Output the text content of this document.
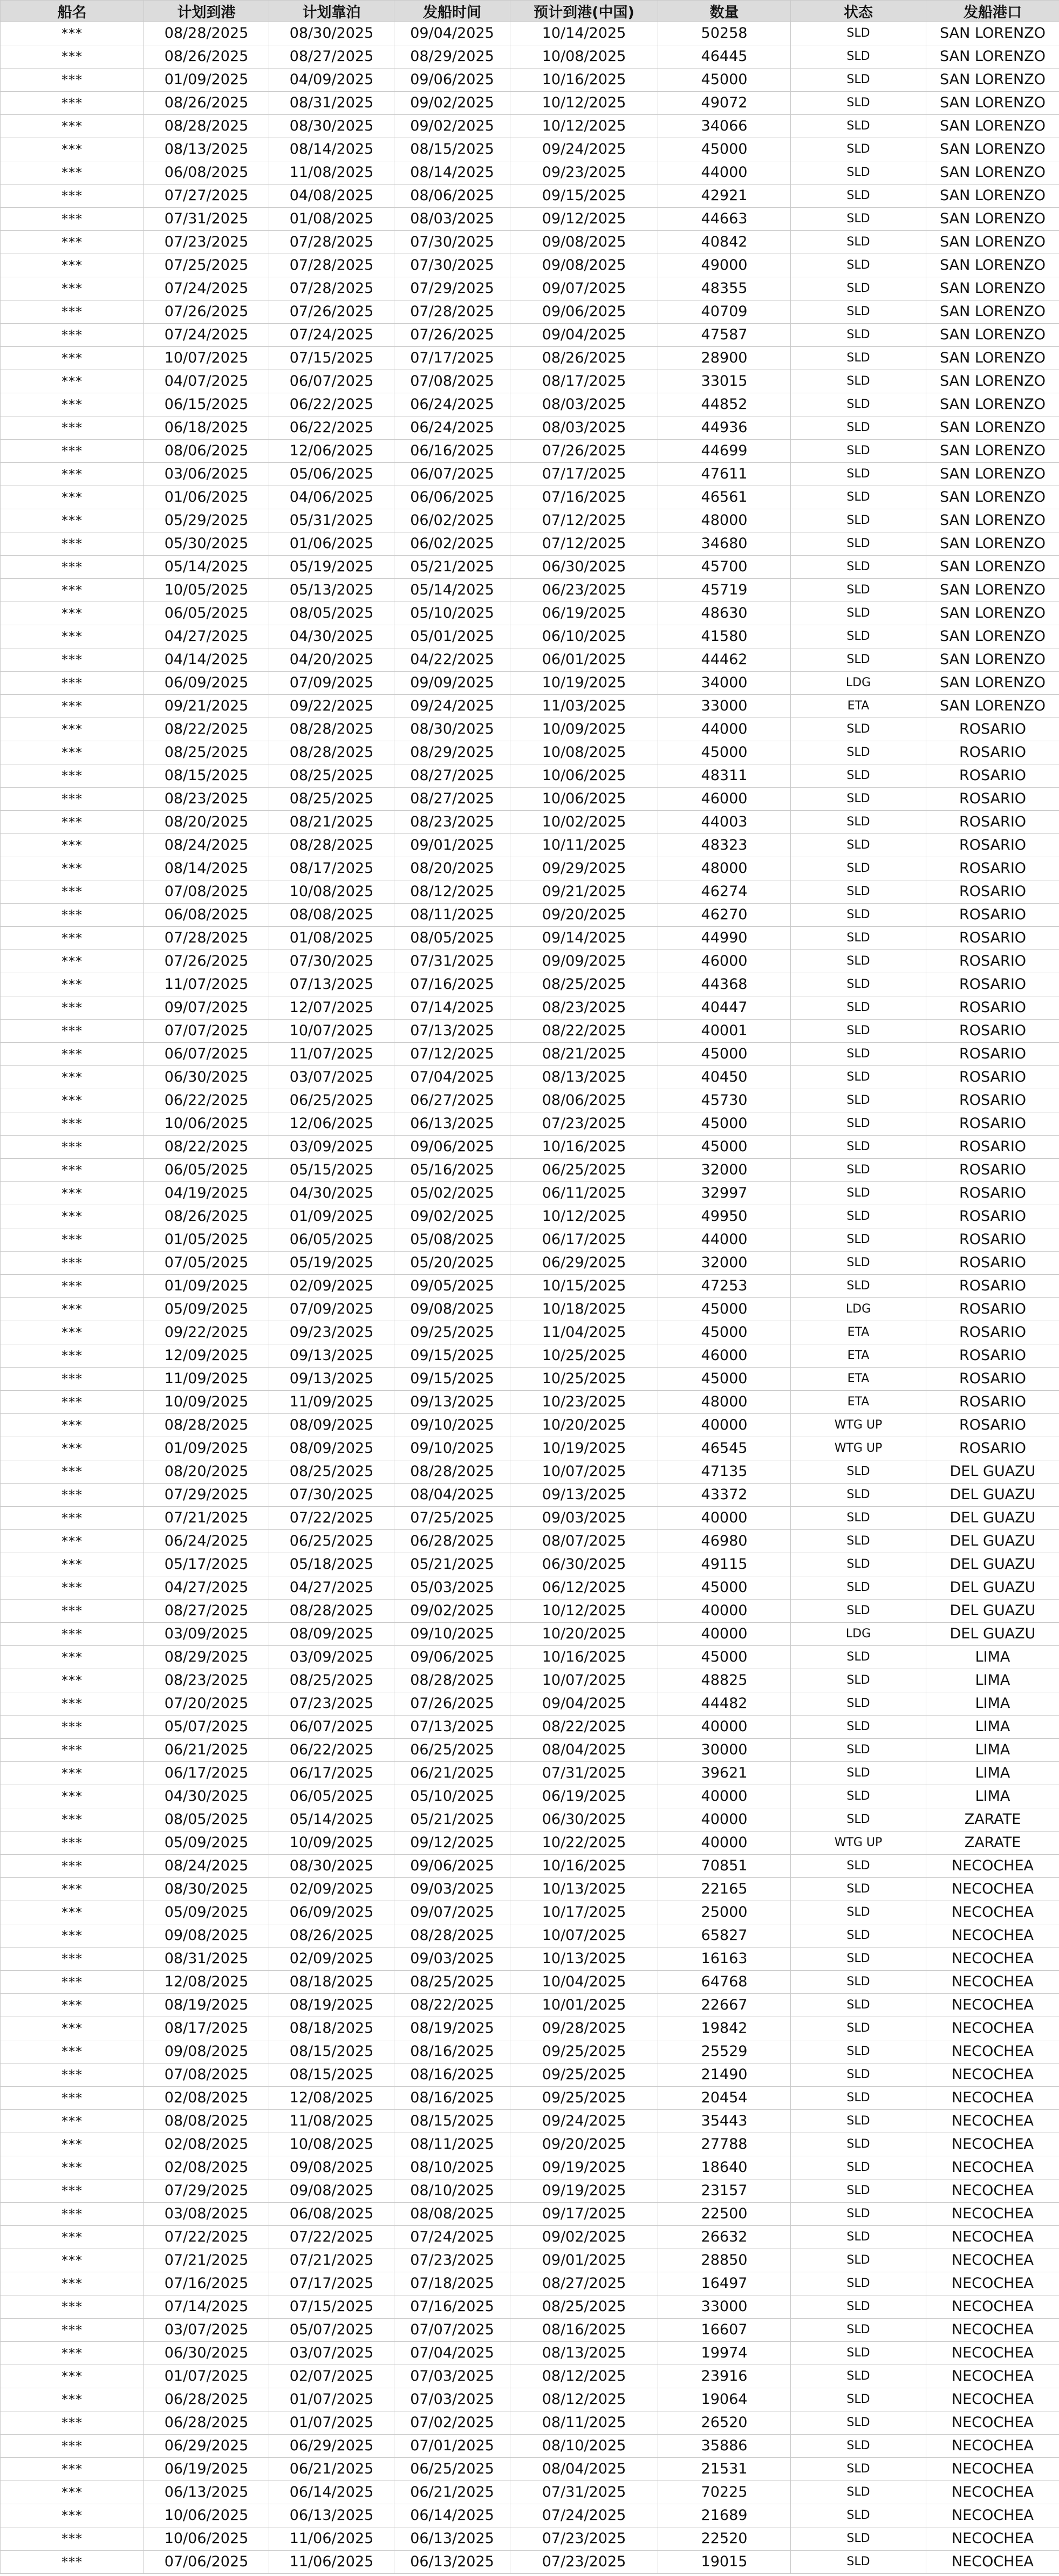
船名	计划到港	计划靠泊	发船时间	预计到港(中国)	数量	状态	发船港口
***	08/28/2025	08/30/2025	09/04/2025	10/14/2025	50258	SLD	SAN LORENZO
***	08/26/2025	08/27/2025	08/29/2025	10/08/2025	46445	SLD	SAN LORENZO
***	01/09/2025	04/09/2025	09/06/2025	10/16/2025	45000	SLD	SAN LORENZO
***	08/26/2025	08/31/2025	09/02/2025	10/12/2025	49072	SLD	SAN LORENZO
***	08/28/2025	08/30/2025	09/02/2025	10/12/2025	34066	SLD	SAN LORENZO
***	08/13/2025	08/14/2025	08/15/2025	09/24/2025	45000	SLD	SAN LORENZO
***	06/08/2025	11/08/2025	08/14/2025	09/23/2025	44000	SLD	SAN LORENZO
***	07/27/2025	04/08/2025	08/06/2025	09/15/2025	42921	SLD	SAN LORENZO
***	07/31/2025	01/08/2025	08/03/2025	09/12/2025	44663	SLD	SAN LORENZO
***	07/23/2025	07/28/2025	07/30/2025	09/08/2025	40842	SLD	SAN LORENZO
***	07/25/2025	07/28/2025	07/30/2025	09/08/2025	49000	SLD	SAN LORENZO
***	07/24/2025	07/28/2025	07/29/2025	09/07/2025	48355	SLD	SAN LORENZO
***	07/26/2025	07/26/2025	07/28/2025	09/06/2025	40709	SLD	SAN LORENZO
***	07/24/2025	07/24/2025	07/26/2025	09/04/2025	47587	SLD	SAN LORENZO
***	10/07/2025	07/15/2025	07/17/2025	08/26/2025	28900	SLD	SAN LORENZO
***	04/07/2025	06/07/2025	07/08/2025	08/17/2025	33015	SLD	SAN LORENZO
***	06/15/2025	06/22/2025	06/24/2025	08/03/2025	44852	SLD	SAN LORENZO
***	06/18/2025	06/22/2025	06/24/2025	08/03/2025	44936	SLD	SAN LORENZO
***	08/06/2025	12/06/2025	06/16/2025	07/26/2025	44699	SLD	SAN LORENZO
***	03/06/2025	05/06/2025	06/07/2025	07/17/2025	47611	SLD	SAN LORENZO
***	01/06/2025	04/06/2025	06/06/2025	07/16/2025	46561	SLD	SAN LORENZO
***	05/29/2025	05/31/2025	06/02/2025	07/12/2025	48000	SLD	SAN LORENZO
***	05/30/2025	01/06/2025	06/02/2025	07/12/2025	34680	SLD	SAN LORENZO
***	05/14/2025	05/19/2025	05/21/2025	06/30/2025	45700	SLD	SAN LORENZO
***	10/05/2025	05/13/2025	05/14/2025	06/23/2025	45719	SLD	SAN LORENZO
***	06/05/2025	08/05/2025	05/10/2025	06/19/2025	48630	SLD	SAN LORENZO
***	04/27/2025	04/30/2025	05/01/2025	06/10/2025	41580	SLD	SAN LORENZO
***	04/14/2025	04/20/2025	04/22/2025	06/01/2025	44462	SLD	SAN LORENZO
***	06/09/2025	07/09/2025	09/09/2025	10/19/2025	34000	LDG	SAN LORENZO
***	09/21/2025	09/22/2025	09/24/2025	11/03/2025	33000	ETA	SAN LORENZO
***	08/22/2025	08/28/2025	08/30/2025	10/09/2025	44000	SLD	ROSARIO
***	08/25/2025	08/28/2025	08/29/2025	10/08/2025	45000	SLD	ROSARIO
***	08/15/2025	08/25/2025	08/27/2025	10/06/2025	48311	SLD	ROSARIO
***	08/23/2025	08/25/2025	08/27/2025	10/06/2025	46000	SLD	ROSARIO
***	08/20/2025	08/21/2025	08/23/2025	10/02/2025	44003	SLD	ROSARIO
***	08/24/2025	08/28/2025	09/01/2025	10/11/2025	48323	SLD	ROSARIO
***	08/14/2025	08/17/2025	08/20/2025	09/29/2025	48000	SLD	ROSARIO
***	07/08/2025	10/08/2025	08/12/2025	09/21/2025	46274	SLD	ROSARIO
***	06/08/2025	08/08/2025	08/11/2025	09/20/2025	46270	SLD	ROSARIO
***	07/28/2025	01/08/2025	08/05/2025	09/14/2025	44990	SLD	ROSARIO
***	07/26/2025	07/30/2025	07/31/2025	09/09/2025	46000	SLD	ROSARIO
***	11/07/2025	07/13/2025	07/16/2025	08/25/2025	44368	SLD	ROSARIO
***	09/07/2025	12/07/2025	07/14/2025	08/23/2025	40447	SLD	ROSARIO
***	07/07/2025	10/07/2025	07/13/2025	08/22/2025	40001	SLD	ROSARIO
***	06/07/2025	11/07/2025	07/12/2025	08/21/2025	45000	SLD	ROSARIO
***	06/30/2025	03/07/2025	07/04/2025	08/13/2025	40450	SLD	ROSARIO
***	06/22/2025	06/25/2025	06/27/2025	08/06/2025	45730	SLD	ROSARIO
***	10/06/2025	12/06/2025	06/13/2025	07/23/2025	45000	SLD	ROSARIO
***	08/22/2025	03/09/2025	09/06/2025	10/16/2025	45000	SLD	ROSARIO
***	06/05/2025	05/15/2025	05/16/2025	06/25/2025	32000	SLD	ROSARIO
***	04/19/2025	04/30/2025	05/02/2025	06/11/2025	32997	SLD	ROSARIO
***	08/26/2025	01/09/2025	09/02/2025	10/12/2025	49950	SLD	ROSARIO
***	01/05/2025	06/05/2025	05/08/2025	06/17/2025	44000	SLD	ROSARIO
***	07/05/2025	05/19/2025	05/20/2025	06/29/2025	32000	SLD	ROSARIO
***	01/09/2025	02/09/2025	09/05/2025	10/15/2025	47253	SLD	ROSARIO
***	05/09/2025	07/09/2025	09/08/2025	10/18/2025	45000	LDG	ROSARIO
***	09/22/2025	09/23/2025	09/25/2025	11/04/2025	45000	ETA	ROSARIO
***	12/09/2025	09/13/2025	09/15/2025	10/25/2025	46000	ETA	ROSARIO
***	11/09/2025	09/13/2025	09/15/2025	10/25/2025	45000	ETA	ROSARIO
***	10/09/2025	11/09/2025	09/13/2025	10/23/2025	48000	ETA	ROSARIO
***	08/28/2025	08/09/2025	09/10/2025	10/20/2025	40000	WTG UP	ROSARIO
***	01/09/2025	08/09/2025	09/10/2025	10/19/2025	46545	WTG UP	ROSARIO
***	08/20/2025	08/25/2025	08/28/2025	10/07/2025	47135	SLD	DEL GUAZU
***	07/29/2025	07/30/2025	08/04/2025	09/13/2025	43372	SLD	DEL GUAZU
***	07/21/2025	07/22/2025	07/25/2025	09/03/2025	40000	SLD	DEL GUAZU
***	06/24/2025	06/25/2025	06/28/2025	08/07/2025	46980	SLD	DEL GUAZU
***	05/17/2025	05/18/2025	05/21/2025	06/30/2025	49115	SLD	DEL GUAZU
***	04/27/2025	04/27/2025	05/03/2025	06/12/2025	45000	SLD	DEL GUAZU
***	08/27/2025	08/28/2025	09/02/2025	10/12/2025	40000	SLD	DEL GUAZU
***	03/09/2025	08/09/2025	09/10/2025	10/20/2025	40000	LDG	DEL GUAZU
***	08/29/2025	03/09/2025	09/06/2025	10/16/2025	45000	SLD	LIMA
***	08/23/2025	08/25/2025	08/28/2025	10/07/2025	48825	SLD	LIMA
***	07/20/2025	07/23/2025	07/26/2025	09/04/2025	44482	SLD	LIMA
***	05/07/2025	06/07/2025	07/13/2025	08/22/2025	40000	SLD	LIMA
***	06/21/2025	06/22/2025	06/25/2025	08/04/2025	30000	SLD	LIMA
***	06/17/2025	06/17/2025	06/21/2025	07/31/2025	39621	SLD	LIMA
***	04/30/2025	06/05/2025	05/10/2025	06/19/2025	40000	SLD	LIMA
***	08/05/2025	05/14/2025	05/21/2025	06/30/2025	40000	SLD	ZARATE
***	05/09/2025	10/09/2025	09/12/2025	10/22/2025	40000	WTG UP	ZARATE
***	08/24/2025	08/30/2025	09/06/2025	10/16/2025	70851	SLD	NECOCHEA
***	08/30/2025	02/09/2025	09/03/2025	10/13/2025	22165	SLD	NECOCHEA
***	05/09/2025	06/09/2025	09/07/2025	10/17/2025	25000	SLD	NECOCHEA
***	09/08/2025	08/26/2025	08/28/2025	10/07/2025	65827	SLD	NECOCHEA
***	08/31/2025	02/09/2025	09/03/2025	10/13/2025	16163	SLD	NECOCHEA
***	12/08/2025	08/18/2025	08/25/2025	10/04/2025	64768	SLD	NECOCHEA
***	08/19/2025	08/19/2025	08/22/2025	10/01/2025	22667	SLD	NECOCHEA
***	08/17/2025	08/18/2025	08/19/2025	09/28/2025	19842	SLD	NECOCHEA
***	09/08/2025	08/15/2025	08/16/2025	09/25/2025	25529	SLD	NECOCHEA
***	07/08/2025	08/15/2025	08/16/2025	09/25/2025	21490	SLD	NECOCHEA
***	02/08/2025	12/08/2025	08/16/2025	09/25/2025	20454	SLD	NECOCHEA
***	08/08/2025	11/08/2025	08/15/2025	09/24/2025	35443	SLD	NECOCHEA
***	02/08/2025	10/08/2025	08/11/2025	09/20/2025	27788	SLD	NECOCHEA
***	02/08/2025	09/08/2025	08/10/2025	09/19/2025	18640	SLD	NECOCHEA
***	07/29/2025	09/08/2025	08/10/2025	09/19/2025	23157	SLD	NECOCHEA
***	03/08/2025	06/08/2025	08/08/2025	09/17/2025	22500	SLD	NECOCHEA
***	07/22/2025	07/22/2025	07/24/2025	09/02/2025	26632	SLD	NECOCHEA
***	07/21/2025	07/21/2025	07/23/2025	09/01/2025	28850	SLD	NECOCHEA
***	07/16/2025	07/17/2025	07/18/2025	08/27/2025	16497	SLD	NECOCHEA
***	07/14/2025	07/15/2025	07/16/2025	08/25/2025	33000	SLD	NECOCHEA
***	03/07/2025	05/07/2025	07/07/2025	08/16/2025	16607	SLD	NECOCHEA
***	06/30/2025	03/07/2025	07/04/2025	08/13/2025	19974	SLD	NECOCHEA
***	01/07/2025	02/07/2025	07/03/2025	08/12/2025	23916	SLD	NECOCHEA
***	06/28/2025	01/07/2025	07/03/2025	08/12/2025	19064	SLD	NECOCHEA
***	06/28/2025	01/07/2025	07/02/2025	08/11/2025	26520	SLD	NECOCHEA
***	06/29/2025	06/29/2025	07/01/2025	08/10/2025	35886	SLD	NECOCHEA
***	06/19/2025	06/21/2025	06/25/2025	08/04/2025	21531	SLD	NECOCHEA
***	06/13/2025	06/14/2025	06/21/2025	07/31/2025	70225	SLD	NECOCHEA
***	10/06/2025	06/13/2025	06/14/2025	07/24/2025	21689	SLD	NECOCHEA
***	10/06/2025	11/06/2025	06/13/2025	07/23/2025	22520	SLD	NECOCHEA
***	07/06/2025	11/06/2025	06/13/2025	07/23/2025	19015	SLD	NECOCHEA
